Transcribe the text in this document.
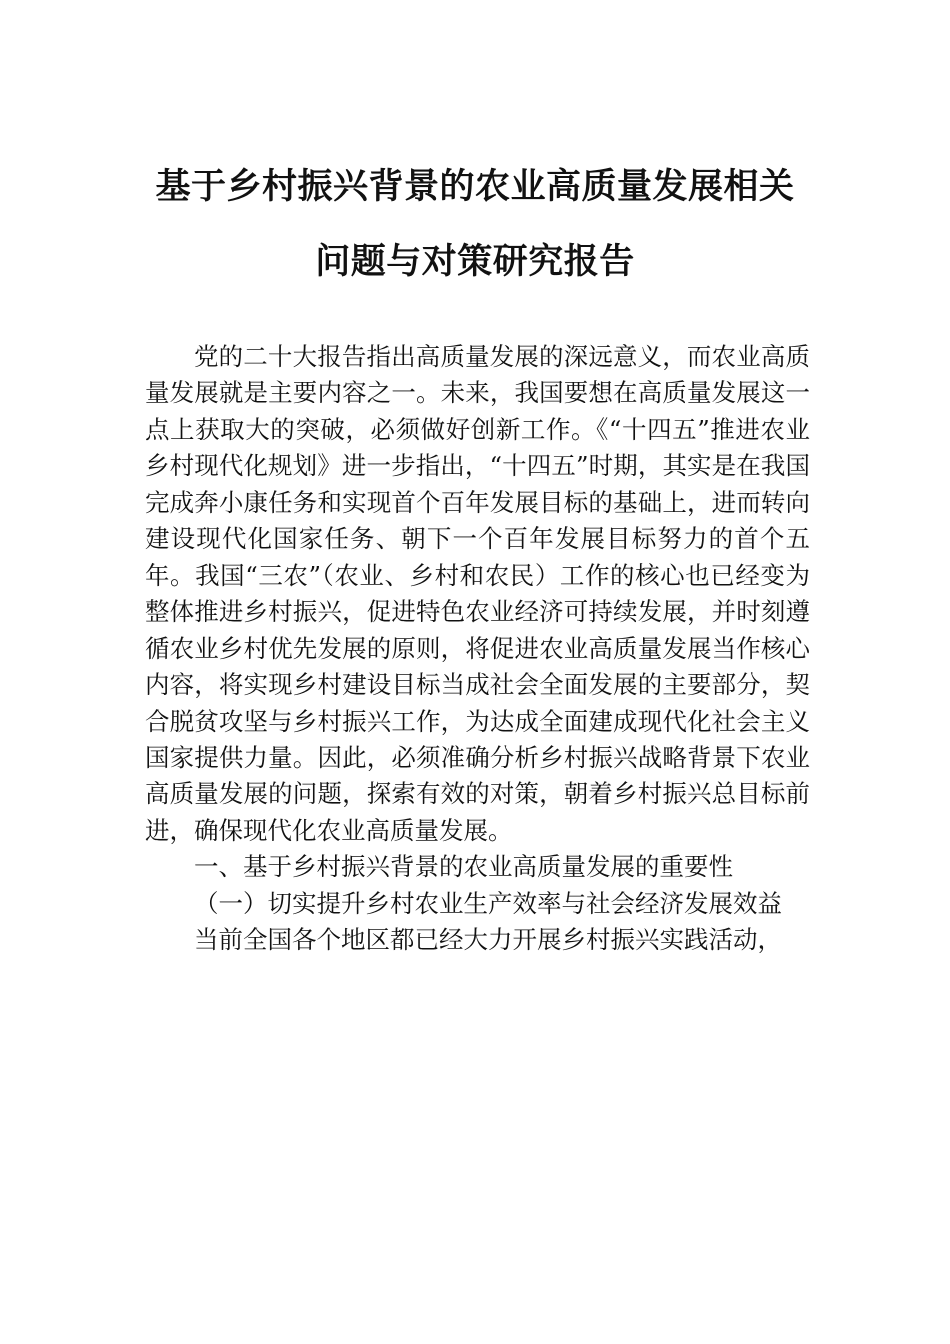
基于乡村振兴背景的农业高质量发展相关
问题与对策研究报告

党的二十大报告指出高质量发展的深远意义，而农业高质量发展就是主要内容之一。未来，我国要想在高质量发展这一点上获取大的突破，必须做好创新工作。《“十四五”推进农业乡村现代化规划》进一步指出，“十四五”时期，其实是在我国完成奔小康任务和实现首个百年发展目标的基础上，进而转向建设现代化国家任务、朝下一个百年发展目标努力的首个五年。我国“三农”（农业、乡村和农民）工作的核心也已经变为整体推进乡村振兴，促进特色农业经济可持续发展，并时刻遵循农业乡村优先发展的原则，将促进农业高质量发展当作核心内容，将实现乡村建设目标当成社会全面发展的主要部分，契合脱贫攻坚与乡村振兴工作，为达成全面建成现代化社会主义国家提供力量。因此，必须准确分析乡村振兴战略背景下农业高质量发展的问题，探索有效的对策，朝着乡村振兴总目标前进，确保现代化农业高质量发展。

一、基于乡村振兴背景的农业高质量发展的重要性

（一）切实提升乡村农业生产效率与社会经济发展效益

当前全国各个地区都已经大力开展乡村振兴实践活动，
